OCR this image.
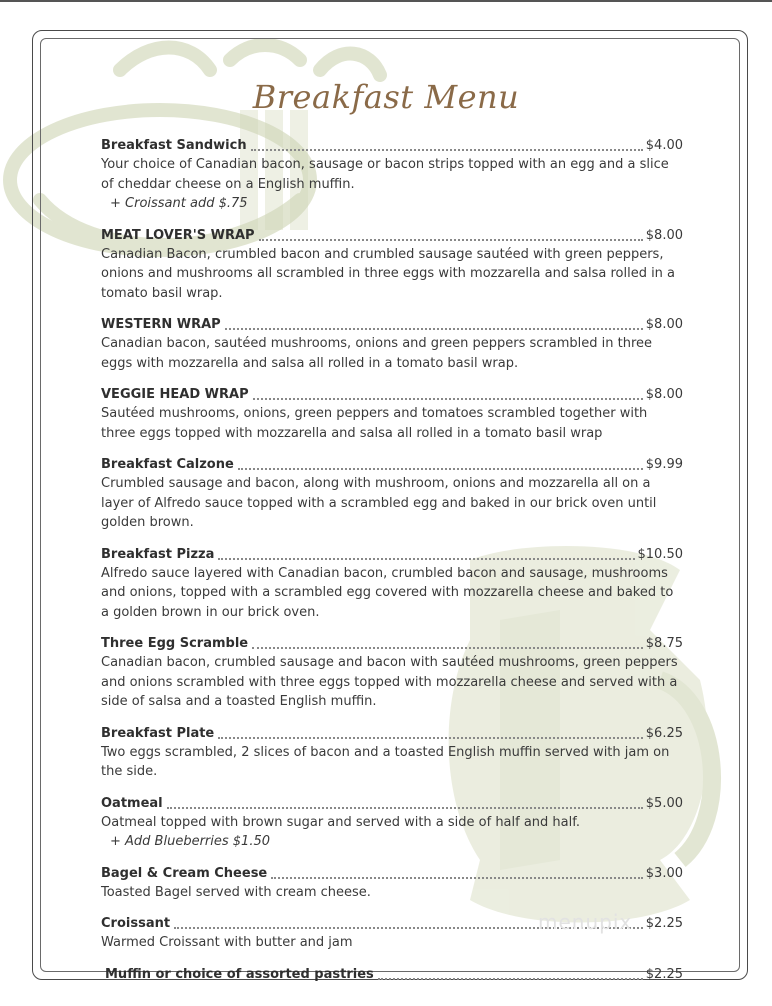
Breakfast Menu
Breakfast Sandwich	$4.00
Your choice of Canadian bacon, sausage or bacon strips topped with an egg and a slice of cheddar cheese on a English muffin.
+ Croissant add $.75
MEAT LOVER'S WRAP	$8.00
Canadian Bacon, crumbled bacon and crumbled sausage sautéed with green peppers, onions and mushrooms all scrambled in three eggs with mozzarella and salsa rolled in a tomato basil wrap.
WESTERN WRAP	$8.00
Canadian bacon, sautéed mushrooms, onions and green peppers scrambled in three eggs with mozzarella and salsa all rolled in a tomato basil wrap.
VEGGIE HEAD WRAP	$8.00
Sautéed mushrooms, onions, green peppers and tomatoes scrambled together with three eggs topped with mozzarella and salsa all rolled in a tomato basil wrap
Breakfast Calzone	$9.99
Crumbled sausage and bacon, along with mushroom, onions and mozzarella all on a layer of Alfredo sauce topped with a scrambled egg and baked in our brick oven until golden brown.
Breakfast Pizza	$10.50
Alfredo sauce layered with Canadian bacon, crumbled bacon and sausage, mushrooms and onions, topped with a scrambled egg covered with mozzarella cheese and baked to a golden brown in our brick oven.
Three Egg Scramble	$8.75
Canadian bacon, crumbled sausage and bacon with sautéed mushrooms, green peppers and onions scrambled with three eggs topped with mozzarella cheese and served with a side of salsa and a toasted English muffin.
Breakfast Plate	$6.25
Two eggs scrambled, 2 slices of bacon and a toasted English muffin served with jam on the side.
Oatmeal	$5.00
Oatmeal topped with brown sugar and served with a side of half and half.
+ Add Blueberries $1.50
Bagel & Cream Cheese	$3.00
Toasted Bagel served with cream cheese.
Croissant	$2.25
Warmed Croissant with butter and jam
Muffin or choice of assorted pastries	$2.25
menupix
